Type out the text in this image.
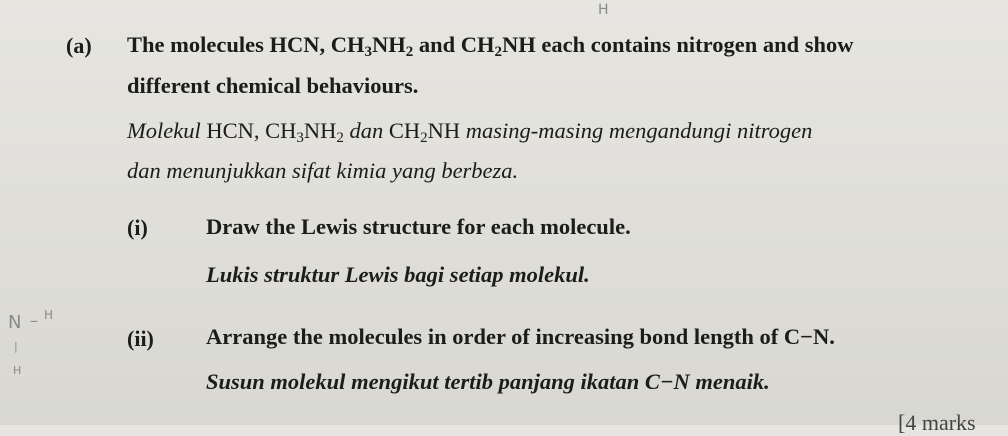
H
N – H
|
H
(a) The molecules HCN, CH3NH2 and CH2NH each contains nitrogen and show
different chemical behaviours.
Molekul HCN, CH3NH2 dan CH2NH masing-masing mengandungi nitrogen
dan menunjukkan sifat kimia yang berbeza.
(i)	Draw the Lewis structure for each molecule.
Lukis struktur Lewis bagi setiap molekul.
(ii) Arrange the molecules in order of increasing bond length of C−N.
Susun molekul mengikut tertib panjang ikatan C−N menaik.
[4 marks
